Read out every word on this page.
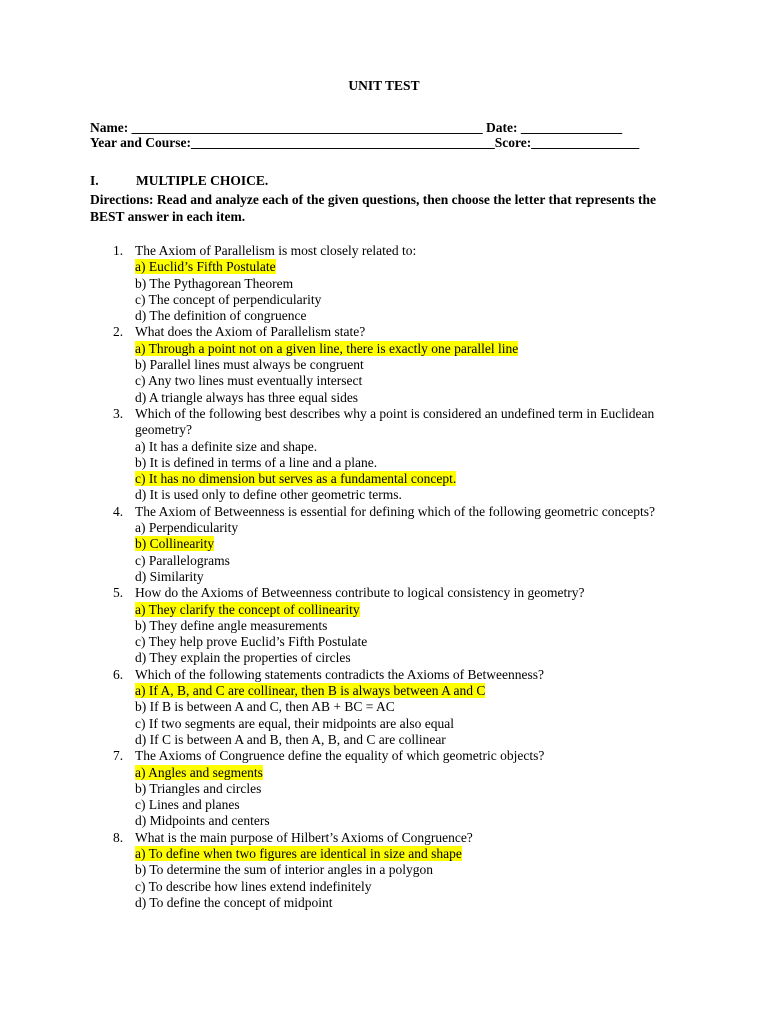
UNIT TEST
Name: ____________________________________________________ Date: _______________
Year and Course:_____________________________________________Score:________________
I.	MULTIPLE CHOICE.
Directions: Read and analyze each of the given questions, then choose the letter that represents the BEST answer in each item.
1. The Axiom of Parallelism is most closely related to:
a) Euclid’s Fifth Postulate
b) The Pythagorean Theorem
c) The concept of perpendicularity
d) The definition of congruence
2. What does the Axiom of Parallelism state?
a) Through a point not on a given line, there is exactly one parallel line
b) Parallel lines must always be congruent
c) Any two lines must eventually intersect
d) A triangle always has three equal sides
3. Which of the following best describes why a point is considered an undefined term in Euclidean geometry?
a) It has a definite size and shape.
b) It is defined in terms of a line and a plane.
c) It has no dimension but serves as a fundamental concept.
d) It is used only to define other geometric terms.
4. The Axiom of Betweenness is essential for defining which of the following geometric concepts?
a) Perpendicularity
b) Collinearity
c) Parallelograms
d) Similarity
5. How do the Axioms of Betweenness contribute to logical consistency in geometry?
a) They clarify the concept of collinearity
b) They define angle measurements
c) They help prove Euclid’s Fifth Postulate
d) They explain the properties of circles
6. Which of the following statements contradicts the Axioms of Betweenness?
a) If A, B, and C are collinear, then B is always between A and C
b) If B is between A and C, then AB + BC = AC
c) If two segments are equal, their midpoints are also equal
d) If C is between A and B, then A, B, and C are collinear
7. The Axioms of Congruence define the equality of which geometric objects?
a) Angles and segments
b) Triangles and circles
c) Lines and planes
d) Midpoints and centers
8. What is the main purpose of Hilbert’s Axioms of Congruence?
a) To define when two figures are identical in size and shape
b) To determine the sum of interior angles in a polygon
c) To describe how lines extend indefinitely
d) To define the concept of midpoint
